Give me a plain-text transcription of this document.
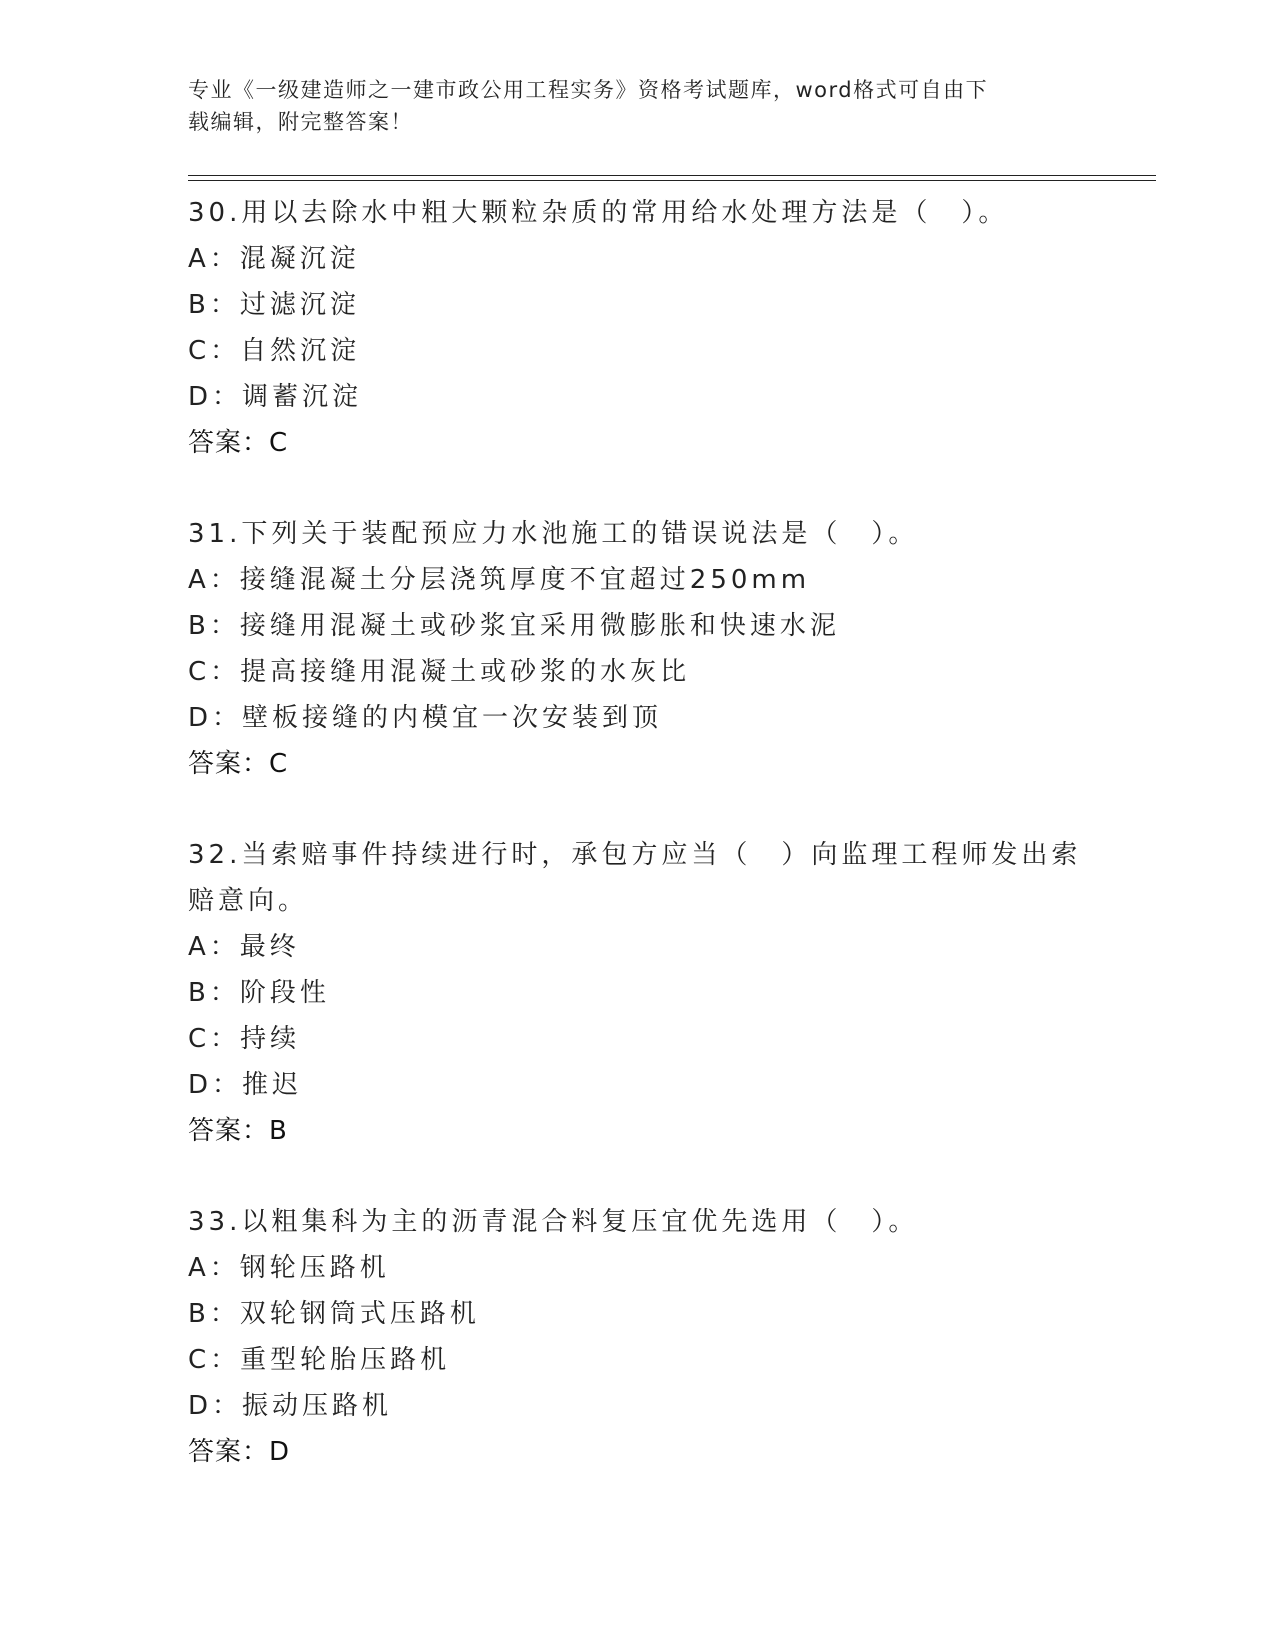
专业《一级建造师之一建市政公用工程实务》资格考试题库，word格式可自由下
载编辑，附完整答案！
30.用以去除水中粗大颗粒杂质的常用给水处理方法是（　）。
A：混凝沉淀
B：过滤沉淀
C：自然沉淀
D：调蓄沉淀
答案：C
31.下列关于装配预应力水池施工的错误说法是（　）。
A：接缝混凝土分层浇筑厚度不宜超过250mm
B：接缝用混凝土或砂浆宜采用微膨胀和快速水泥
C：提高接缝用混凝土或砂浆的水灰比
D：壁板接缝的内模宜一次安装到顶
答案：C
32.当索赔事件持续进行时，承包方应当（　）向监理工程师发出索赔意向。
A：最终
B：阶段性
C：持续
D：推迟
答案：B
33.以粗集科为主的沥青混合料复压宜优先选用（　）。
A：钢轮压路机
B：双轮钢筒式压路机
C：重型轮胎压路机
D：振动压路机
答案：D
